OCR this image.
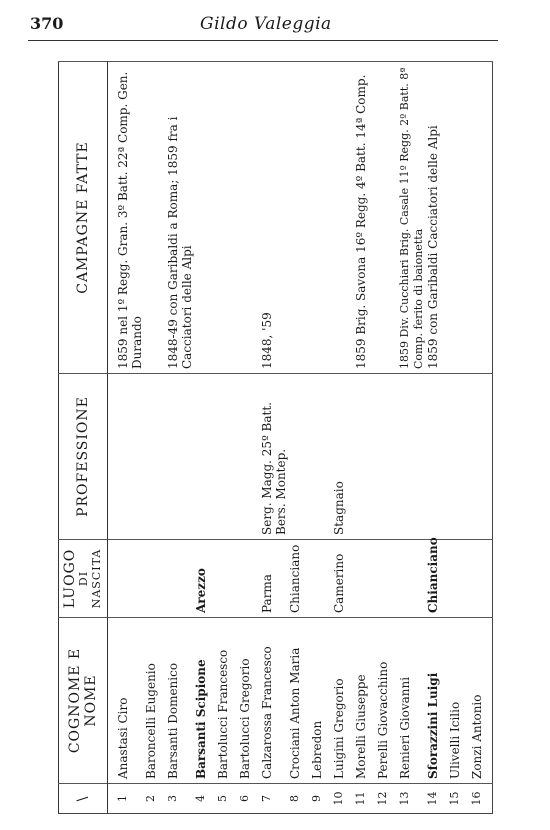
370	Gildo Valeggia
\	COGNOME E NOME	LUOGO
DI NASCITA	PROFESSIONE	CAMPAGNE FATTE

1	Anastasi Ciro			1859 nel 1º Regg. Gran. 3º Batt. 22ª Comp. Gen. Durando
2	Baroncelli Eugenio			
3	Barsanti Domenico			1848-49 con Garibaldi a Roma; 1859 fra i Cacciatori delle Alpi
4	Barsanti Scipione	Arezzo		
5	Bartolucci Francesco			
6	Bartolucci Gregorio			
7	Calzarossa Francesco	Parma	Serg. Magg. 25º Batt. Bers. Montep.	1848, '59
8	Crociani Anton Maria	Chianciano		
9	Lebredon			
10	Luigini Gregorio	Camerino	Stagnaio	
11	Morelli Giuseppe			1859 Brig. Savona 16º Regg. 4º Batt. 14ª Comp.
12	Perelli Giovacchino			
13	Renieri Giovanni			1859 Div. Cucchiari Brig. Casale 11º Regg. 2º Batt. 8ª Comp. ferito di baionetta
14	Sforazzini Luigi	Chianciano		1859 con Garibaldi Cacciatori delle Alpi
15	Ulivelli Icilio			
16	Zonzi Antonio			
